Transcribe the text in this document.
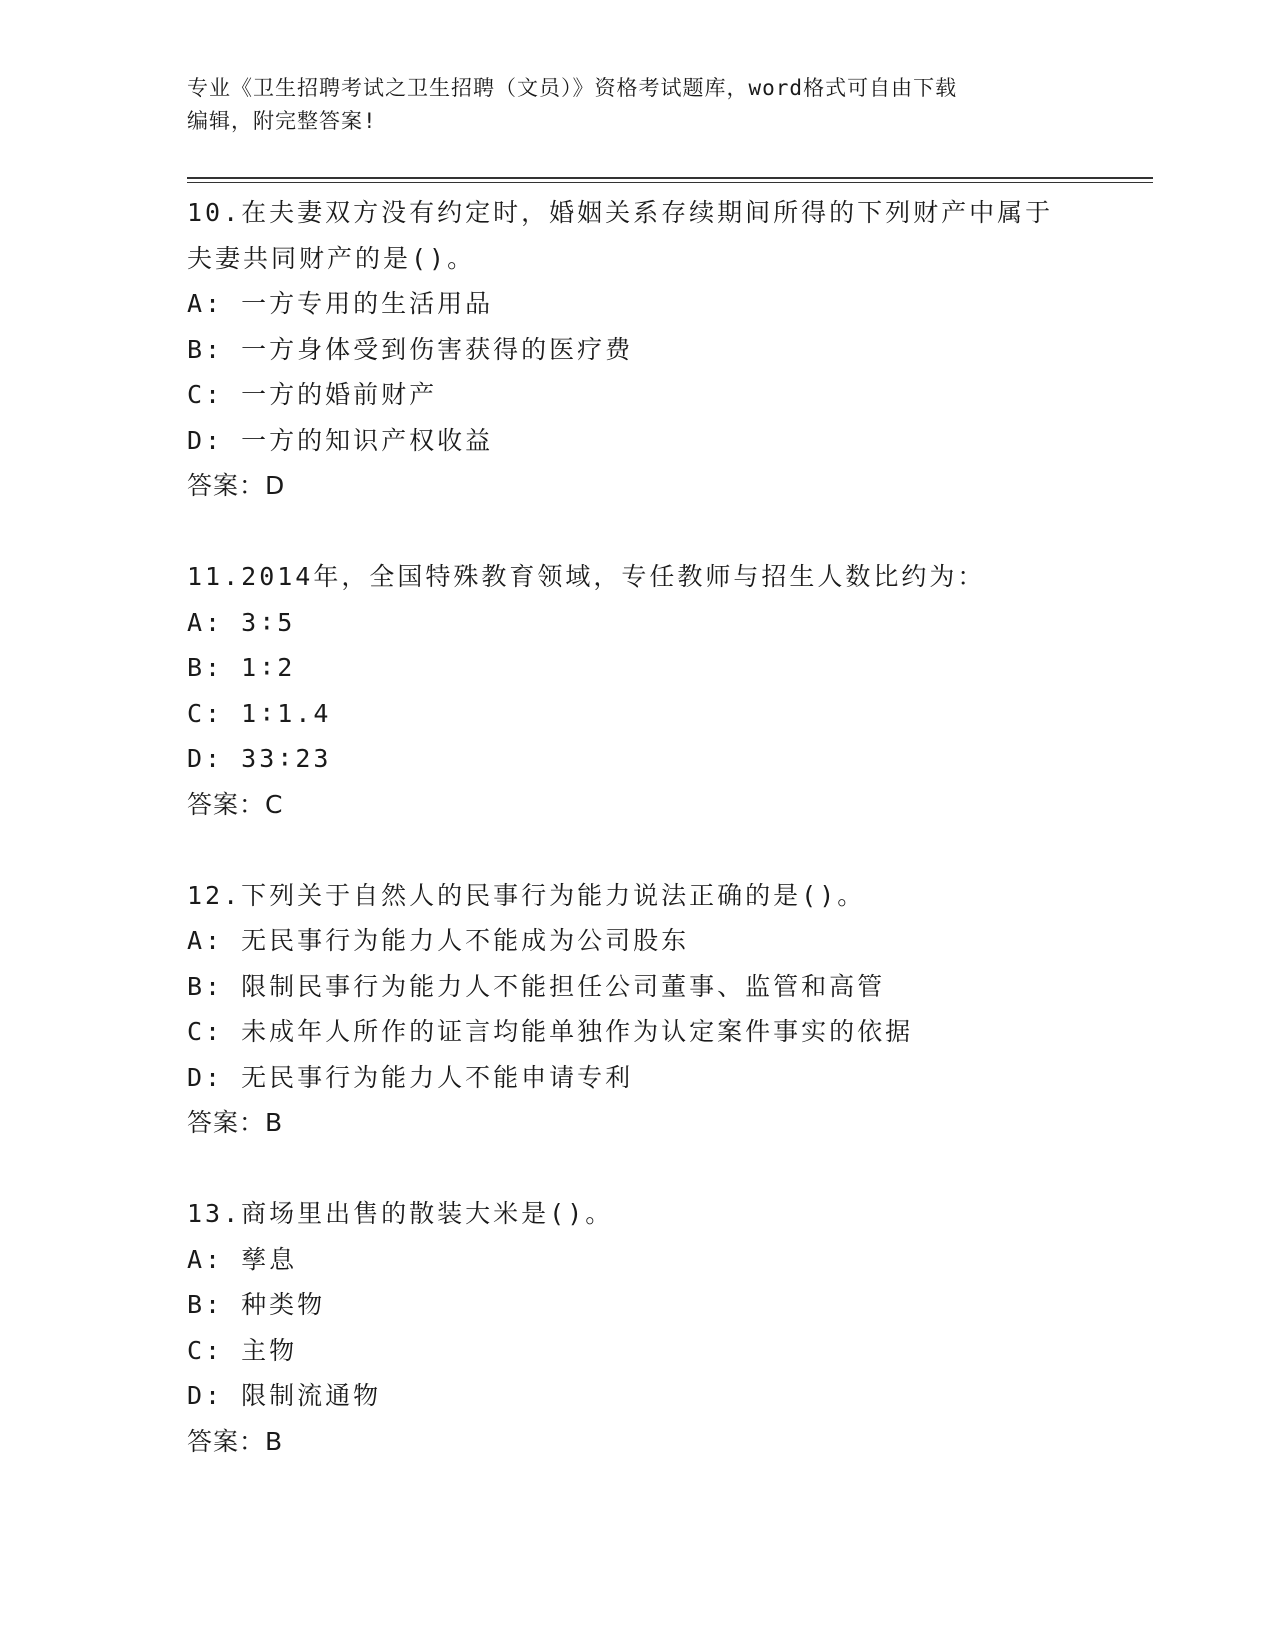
专业《卫生招聘考试之卫生招聘（文员）》资格考试题库，word格式可自由下载
编辑，附完整答案!
10.在夫妻双方没有约定时，婚姻关系存续期间所得的下列财产中属于
夫妻共同财产的是()。
A: 一方专用的生活用品
B: 一方身体受到伤害获得的医疗费
C: 一方的婚前财产
D: 一方的知识产权收益
答案：D
11.2014年，全国特殊教育领域，专任教师与招生人数比约为：
A: 3∶5
B: 1∶2
C: 1∶1.4
D: 33∶23
答案：C
12.下列关于自然人的民事行为能力说法正确的是()。
A: 无民事行为能力人不能成为公司股东
B: 限制民事行为能力人不能担任公司董事、监管和高管
C: 未成年人所作的证言均能单独作为认定案件事实的依据
D: 无民事行为能力人不能申请专利
答案：B
13.商场里出售的散装大米是()。
A: 孳息
B: 种类物
C: 主物
D: 限制流通物
答案：B
